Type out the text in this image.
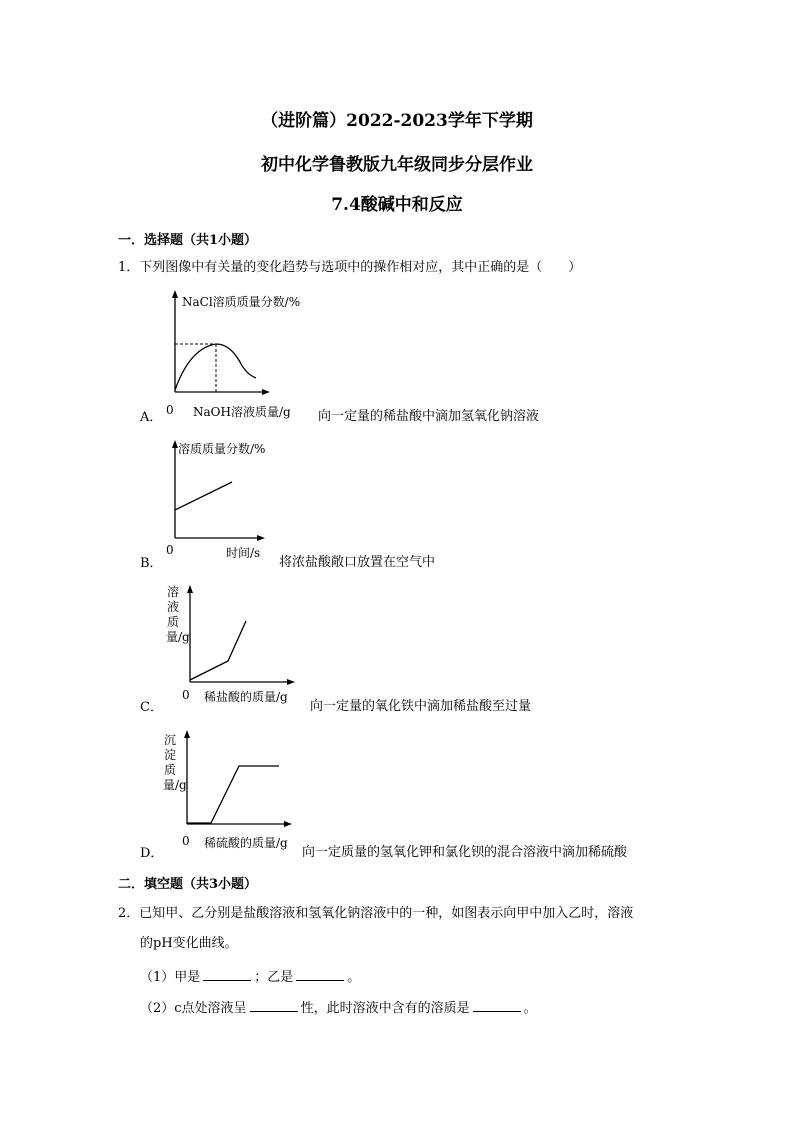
（进阶篇）2022-2023学年下学期
初中化学鲁教版九年级同步分层作业
7.4酸碱中和反应
一．选择题（共1小题）
1．下列图像中有关量的变化趋势与选项中的操作相对应，其中正确的是（　　）
NaCl溶质质量分数/%
0 NaOH溶液质量/g
A．	向一定量的稀盐酸中滴加氢氧化钠溶液
溶质质量分数/%
0	时间/s
B．	将浓盐酸敞口放置在空气中
溶液质量/g
0 稀盐酸的质量/g
C．	向一定量的氧化铁中滴加稀盐酸至过量
沉淀质量/g
0 稀硫酸的质量/g
D．	向一定质量的氢氧化钾和氯化钡的混合溶液中滴加稀硫酸
二．填空题（共3小题）
2．已知甲、乙分别是盐酸溶液和氢氧化钠溶液中的一种，如图表示向甲中加入乙时，溶液
的pH变化曲线。
（1）甲是	；乙是	。
（2）c点处溶液呈	性，此时溶液中含有的溶质是	。
